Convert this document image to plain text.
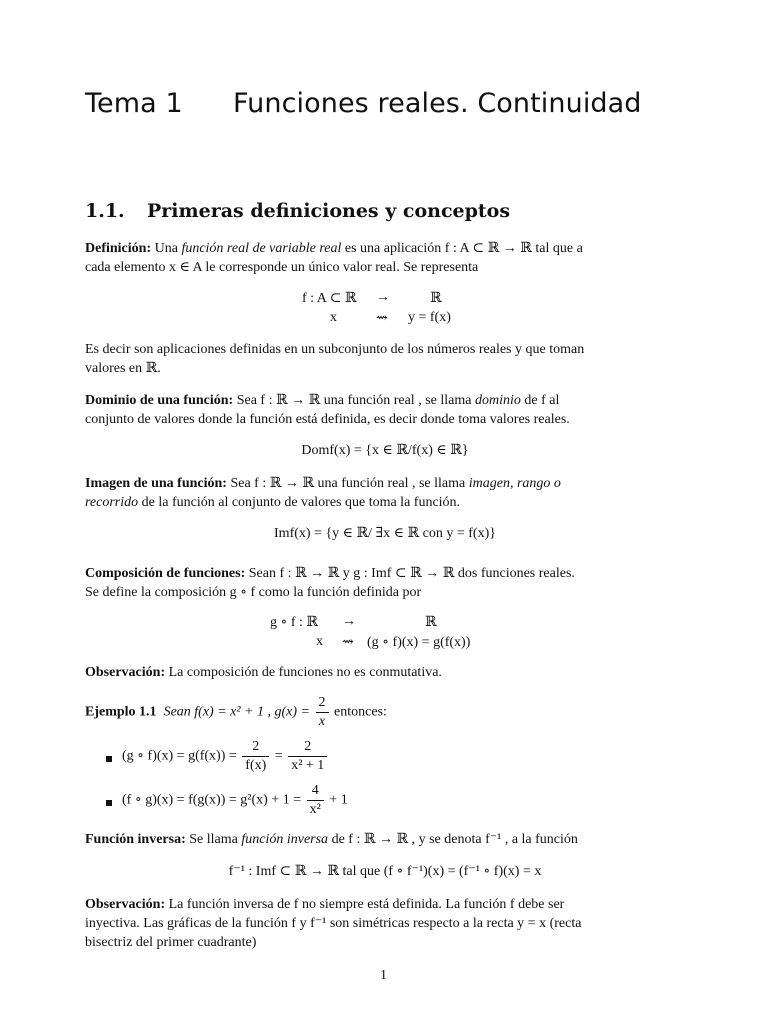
Tema 1 Funciones reales. Continuidad
1.1. Primeras definiciones y conceptos
Definición: Una función real de variable real es una aplicación f : A ⊂ ℝ → ℝ tal que a
cada elemento x ∈ A le corresponde un único valor real. Se representa
f : A ⊂ ℝ →	ℝ
x	⇝ y = f(x)
Es decir son aplicaciones definidas en un subconjunto de los números reales y que toman
valores en ℝ.
Dominio de una función: Sea f : ℝ → ℝ una función real , se llama dominio de f al
conjunto de valores donde la función está definida, es decir donde toma valores reales.
Domf(x) = {x ∈ ℝ/f(x) ∈ ℝ}
Imagen de una función: Sea f : ℝ → ℝ una función real , se llama imagen, rango o
recorrido de la función al conjunto de valores que toma la función.
Imf(x) = {y ∈ ℝ/ ∃x ∈ ℝ con y = f(x)}
Composición de funciones: Sean f : ℝ → ℝ y g : Imf ⊂ ℝ → ℝ dos funciones reales.
Se define la composición g ∘ f como la función definida por
g ∘ f : ℝ →	ℝ
x ⇝ (g ∘ f)(x) = g(f(x))
Observación: La composición de funciones no es conmutativa.
Ejemplo 1.1 Sean f(x) = x² + 1 , $g(x) = \frac{2}{x}$ entonces:
(g ∘ $f)(x) = g(f(x)) = \frac{2}{f(x)} = \frac{2}{\text{x² + 1}}$
(f ∘ $g)(x) = f(g(x)) = g^2(x) + 1 = \frac{4}{\text{x²}} + 1$
Función inversa: Se llama función inversa de f : ℝ → ℝ , y se denota f⁻¹ , a la función
f⁻¹ : Imf ⊂ ℝ → ℝ tal que (f ∘ f⁻¹)(x) = (f⁻¹ ∘ f)(x) = x
Observación: La función inversa de f no siempre está definida. La función f debe ser
inyectiva. Las gráficas de la función f y f⁻¹ son simétricas respecto a la recta y = x (recta
bisectriz del primer cuadrante)
1
